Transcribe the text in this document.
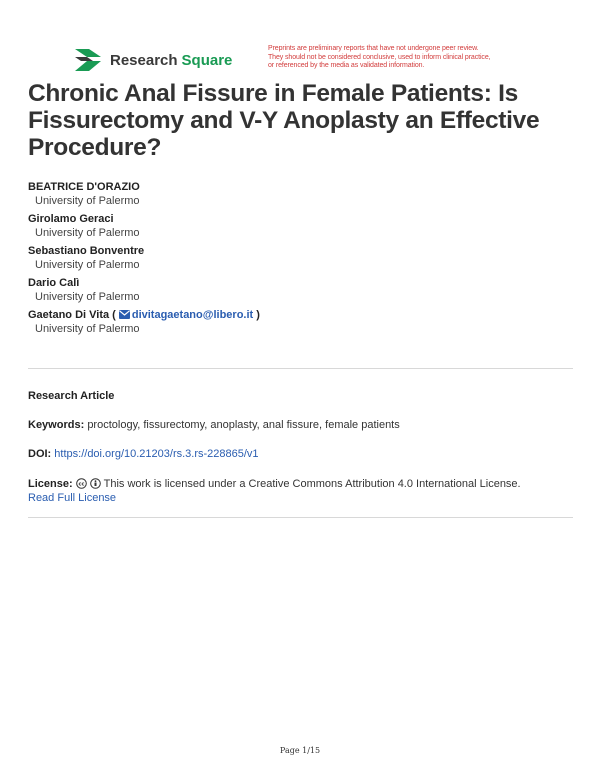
Research Square
Preprints are preliminary reports that have not undergone peer review.
They should not be considered conclusive, used to inform clinical practice,
or referenced by the media as validated information.
Chronic Anal Fissure in Female Patients: Is Fissurectomy and V-Y Anoplasty an Effective Procedure?
BEATRICE D'ORAZIO
University of Palermo
Girolamo Geraci
University of Palermo
Sebastiano Bonventre
University of Palermo
Dario Calì
University of Palermo
Gaetano Di Vita ( divitagaetano@libero.it )
University of Palermo
Research Article
Keywords: proctology, fissurectomy, anoplasty, anal fissure, female patients
DOI: https://doi.org/10.21203/rs.3.rs-228865/v1
License: cc This work is licensed under a Creative Commons Attribution 4.0 International License.
Read Full License
Page 1/15
